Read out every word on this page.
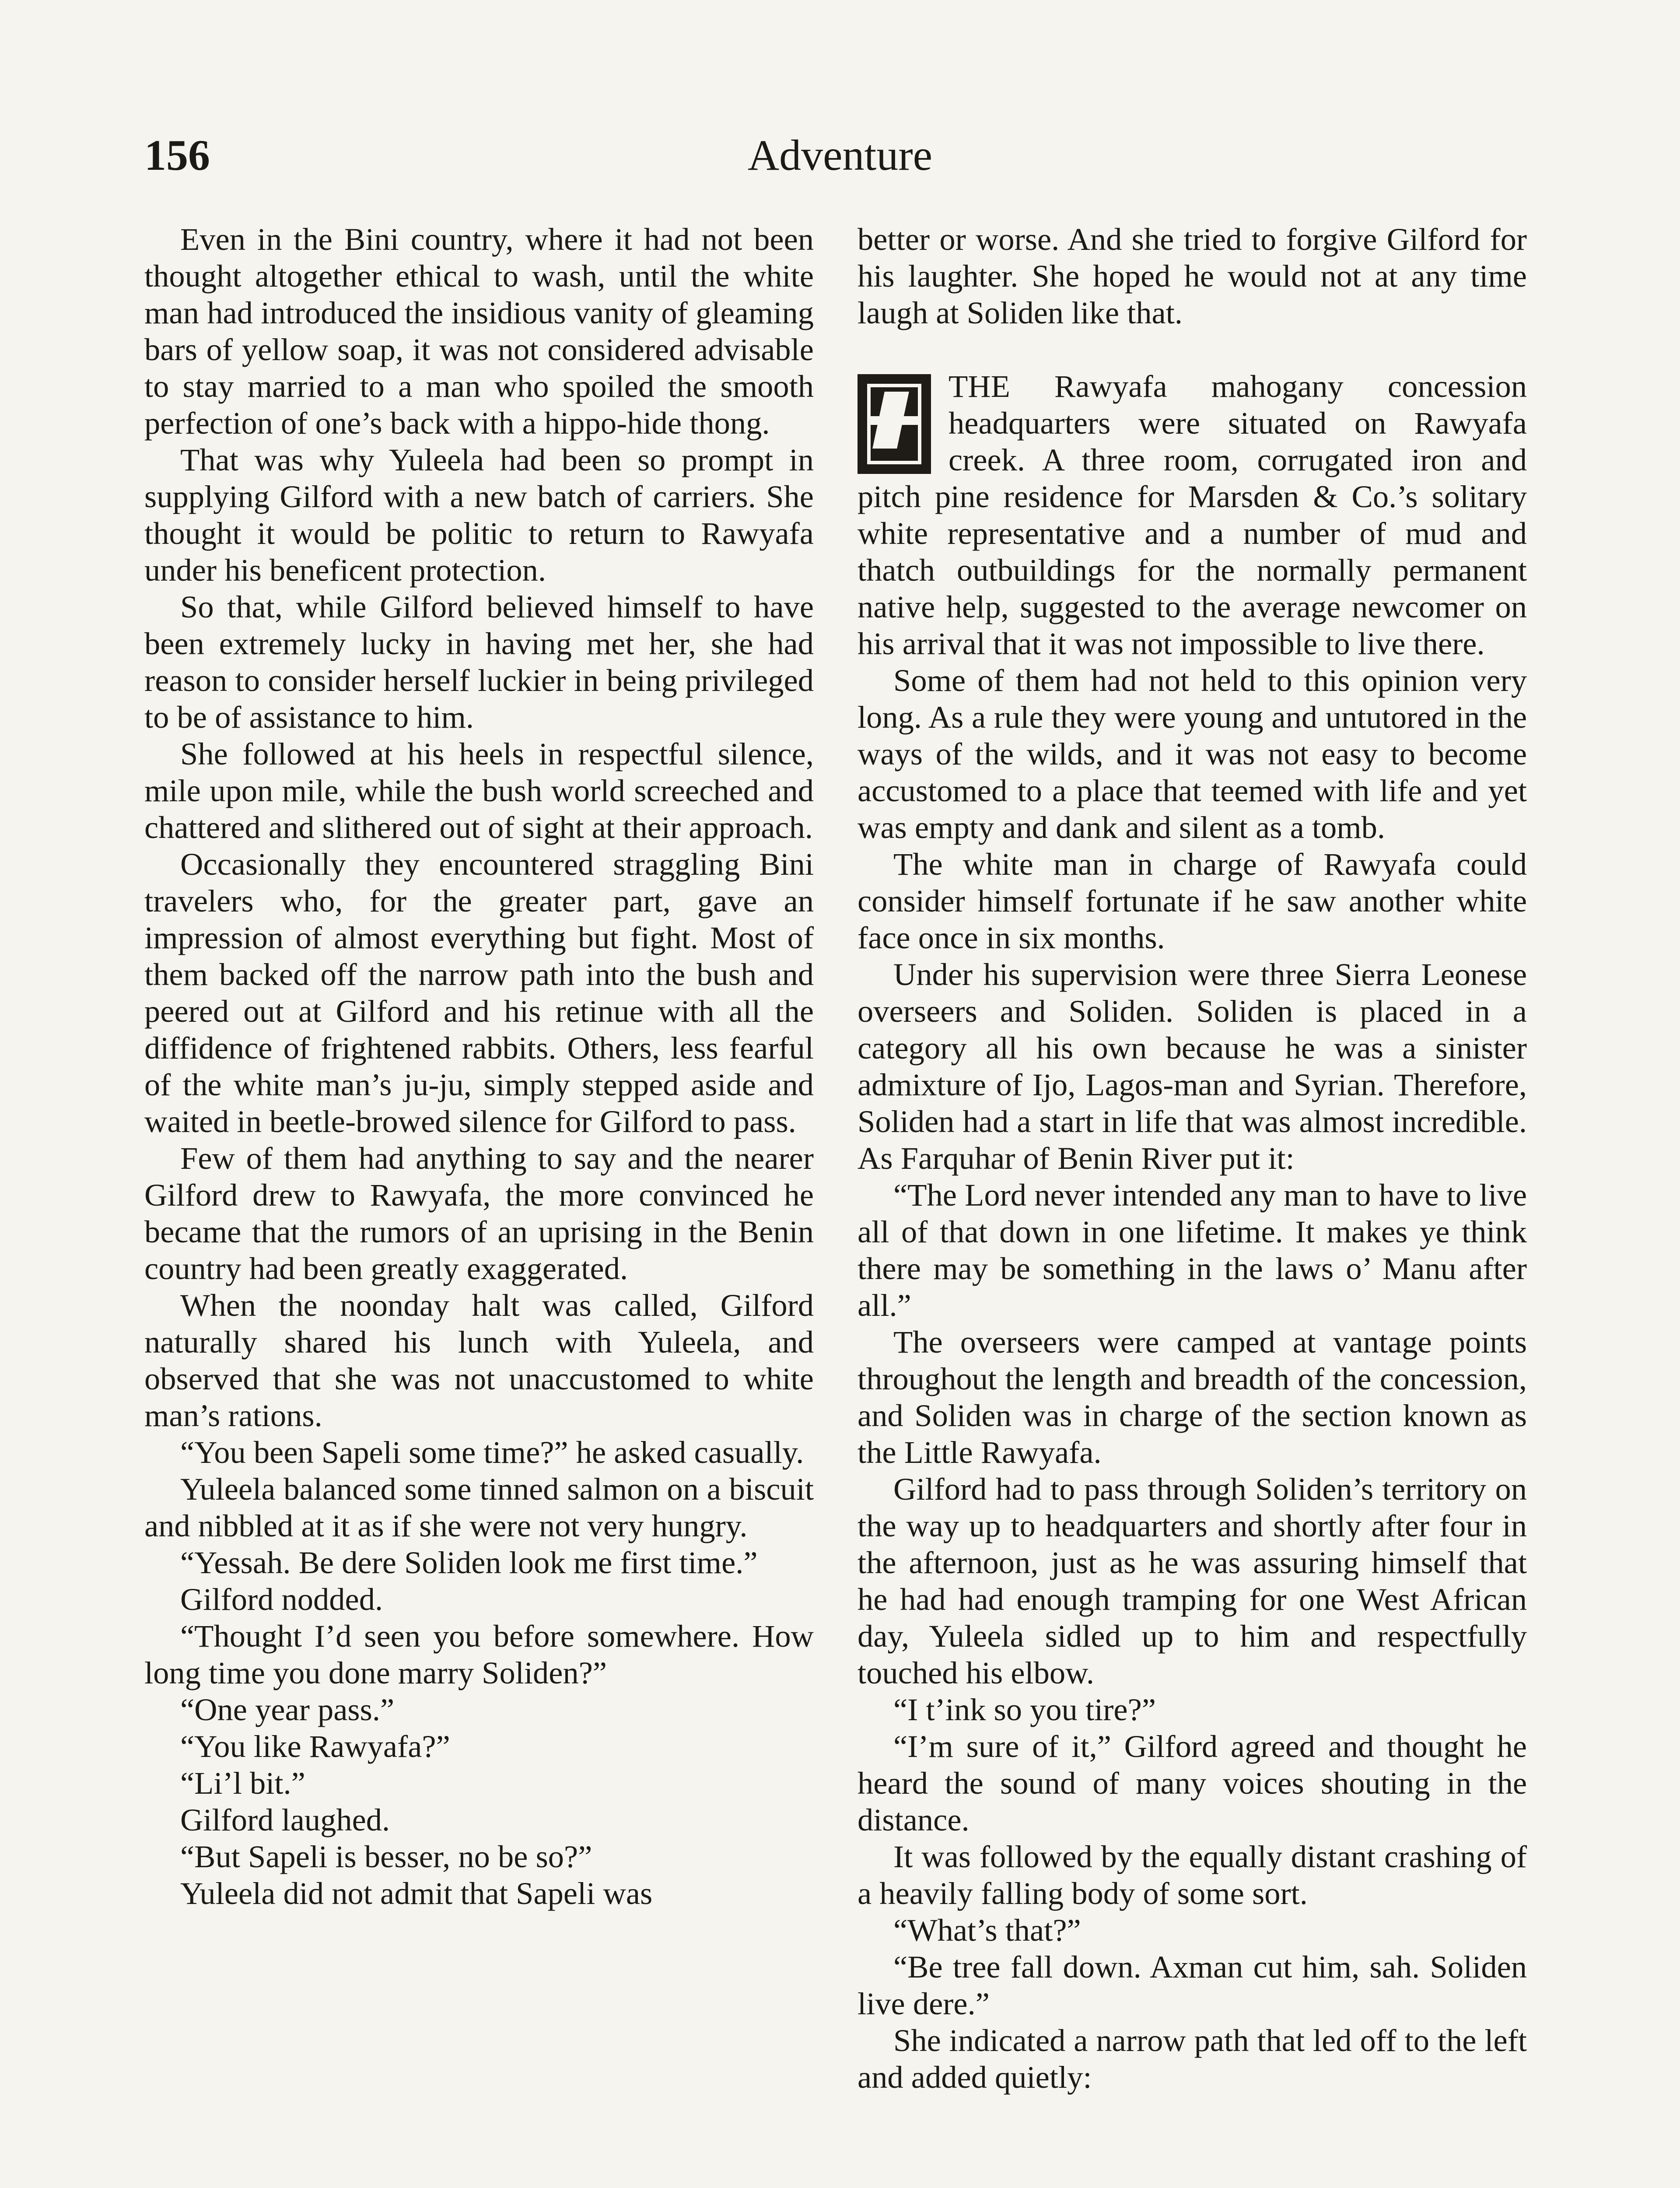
156	Adventure

Even in the Bini country, where it had not been thought altogether ethical to wash, until the white man had introduced the insidious vanity of gleaming bars of yellow soap, it was not considered advisable to stay married to a man who spoiled the smooth perfection of one’s back with a hippo-hide thong.

That was why Yuleela had been so prompt in supplying Gilford with a new batch of carriers. She thought it would be politic to return to Rawyafa under his beneficent protection.

So that, while Gilford believed himself to have been extremely lucky in having met her, she had reason to consider herself luckier in being privileged to be of assistance to him.

She followed at his heels in respectful silence, mile upon mile, while the bush world screeched and chattered and slithered out of sight at their approach.

Occasionally they encountered straggling Bini travelers who, for the greater part, gave an impression of almost everything but fight. Most of them backed off the narrow path into the bush and peered out at Gilford and his retinue with all the diffidence of frightened rabbits. Others, less fearful of the white man’s ju-ju, simply stepped aside and waited in beetle-browed silence for Gilford to pass.

Few of them had anything to say and the nearer Gilford drew to Rawyafa, the more convinced he became that the rumors of an uprising in the Benin country had been greatly exaggerated.

When the noonday halt was called, Gilford naturally shared his lunch with Yuleela, and observed that she was not unaccustomed to white man’s rations.

“You been Sapeli some time?” he asked casually.

Yuleela balanced some tinned salmon on a biscuit and nibbled at it as if she were not very hungry.

“Yessah. Be dere Soliden look me first time.”

Gilford nodded.

“Thought I’d seen you before somewhere. How long time you done marry Soliden?”

“One year pass.”

“You like Rawyafa?”

“Li’l bit.”

Gilford laughed.

“But Sapeli is besser, no be so?”

Yuleela did not admit that Sapeli was

better or worse. And she tried to forgive Gilford for his laughter. She hoped he would not at any time laugh at Soliden like that.

THE Rawyafa mahogany concession headquarters were situated on Rawyafa creek. A three room, corrugated iron and pitch pine residence for Marsden & Co.’s solitary white representative and a number of mud and thatch outbuildings for the normally permanent native help, suggested to the average newcomer on his arrival that it was not impossible to live there.

Some of them had not held to this opinion very long. As a rule they were young and untutored in the ways of the wilds, and it was not easy to become accustomed to a place that teemed with life and yet was empty and dank and silent as a tomb.

The white man in charge of Rawyafa could consider himself fortunate if he saw another white face once in six months.

Under his supervision were three Sierra Leonese overseers and Soliden. Soliden is placed in a category all his own because he was a sinister admixture of Ijo, Lagos-man and Syrian. Therefore, Soliden had a start in life that was almost incredible. As Farquhar of Benin River put it:

“The Lord never intended any man to have to live all of that down in one lifetime. It makes ye think there may be something in the laws o’ Manu after all.”

The overseers were camped at vantage points throughout the length and breadth of the concession, and Soliden was in charge of the section known as the Little Rawyafa.

Gilford had to pass through Soliden’s territory on the way up to headquarters and shortly after four in the afternoon, just as he was assuring himself that he had had enough tramping for one West African day, Yuleela sidled up to him and respectfully touched his elbow.

“I t’ink so you tire?”

“I’m sure of it,” Gilford agreed and thought he heard the sound of many voices shouting in the distance.

It was followed by the equally distant crashing of a heavily falling body of some sort.

“What’s that?”

“Be tree fall down. Axman cut him, sah. Soliden live dere.”

She indicated a narrow path that led off to the left and added quietly:
